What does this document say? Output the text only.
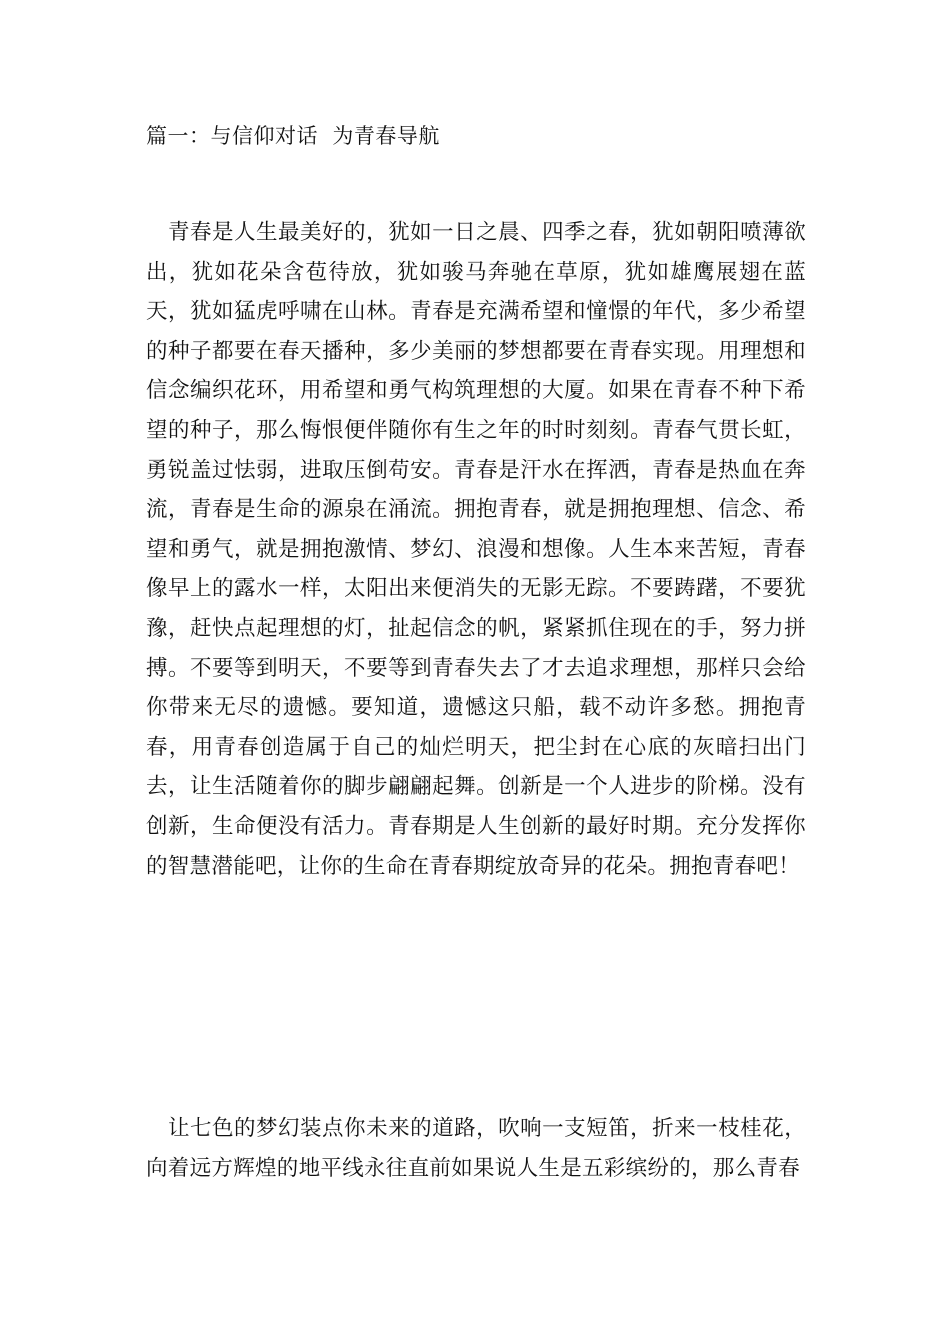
篇一：与信仰对话  为青春导航

青春是人生最美好的，犹如一日之晨、四季之春，犹如朝阳喷薄欲出，犹如花朵含苞待放，犹如骏马奔驰在草原，犹如雄鹰展翅在蓝天，犹如猛虎呼啸在山林。青春是充满希望和憧憬的年代，多少希望的种子都要在春天播种，多少美丽的梦想都要在青春实现。用理想和信念编织花环，用希望和勇气构筑理想的大厦。如果在青春不种下希望的种子，那么悔恨便伴随你有生之年的时时刻刻。青春气贯长虹，勇锐盖过怯弱，进取压倒苟安。青春是汗水在挥洒，青春是热血在奔流，青春是生命的源泉在涌流。拥抱青春，就是拥抱理想、信念、希望和勇气，就是拥抱激情、梦幻、浪漫和想像。人生本来苦短，青春像早上的露水一样，太阳出来便消失的无影无踪。不要踌躇，不要犹豫，赶快点起理想的灯，扯起信念的帆，紧紧抓住现在的手，努力拼搏。不要等到明天，不要等到青春失去了才去追求理想，那样只会给你带来无尽的遗憾。要知道，遗憾这只船，载不动许多愁。拥抱青春，用青春创造属于自己的灿烂明天，把尘封在心底的灰暗扫出门去，让生活随着你的脚步翩翩起舞。创新是一个人进步的阶梯。没有创新，生命便没有活力。青春期是人生创新的最好时期。充分发挥你的智慧潜能吧，让你的生命在青春期绽放奇异的花朵。拥抱青春吧！

让七色的梦幻装点你未来的道路，吹响一支短笛，折来一枝桂花，向着远方辉煌的地平线永往直前如果说人生是五彩缤纷的，那么青春
